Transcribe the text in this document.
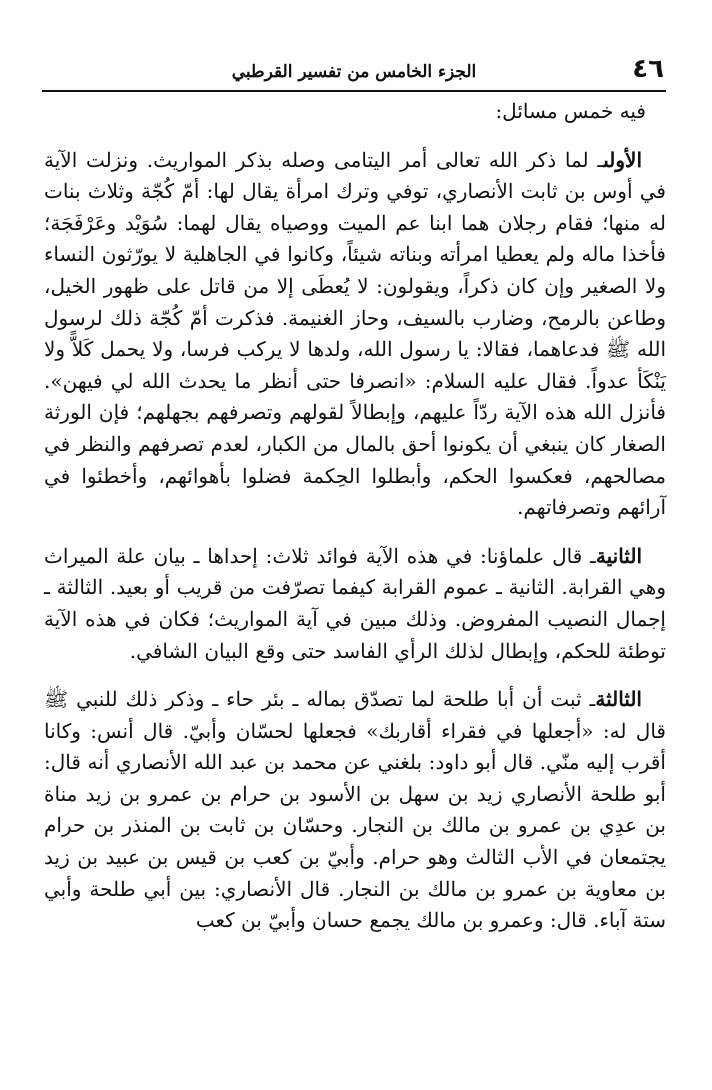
٤٦
الجزء الخامس من تفسير القرطبي

فيه خمس مسائل:

الأولىـ لما ذكر الله تعالى أمر اليتامى وصله بذكر المواريث. ونزلت الآية في أوس بن ثابت الأنصاري، توفي وترك امرأة يقال لها: أمّ كُجّة وثلاث بنات له منها؛ فقام رجلان هما ابنا عم الميت ووصياه يقال لهما: سُوَيْد وعَرْفَجَة؛ فأخذا ماله ولم يعطيا امرأته وبناته شيئاً، وكانوا في الجاهلية لا يورّثون النساء ولا الصغير وإن كان ذكراً، ويقولون: لا يُعطَى إلا من قاتل على ظهور الخيل، وطاعن بالرمح، وضارب بالسيف، وحاز الغنيمة. فذكرت أمّ كُجّة ذلك لرسول الله ﷺ فدعاهما، فقالا: يا رسول الله، ولدها لا يركب فرسا، ولا يحمل كَلاًّ ولا يَنْكَأ عدواً. فقال عليه السلام: «انصرفا حتى أنظر ما يحدث الله لي فيهن». فأنزل الله هذه الآية ردّاً عليهم، وإبطالاً لقولهم وتصرفهم بجهلهم؛ فإن الورثة الصغار كان ينبغي أن يكونوا أحق بالمال من الكبار، لعدم تصرفهم والنظر في مصالحهم، فعكسوا الحكم، وأبطلوا الحِكمة فضلوا بأهوائهم، وأخطئوا في آرائهم وتصرفاتهم.

الثانيةـ قال علماؤنا: في هذه الآية فوائد ثلاث: إحداها ـ بيان علة الميراث وهي القرابة. الثانية ـ عموم القرابة كيفما تصرّفت من قريب أو بعيد. الثالثة ـ إجمال النصيب المفروض. وذلك مبين في آية المواريث؛ فكان في هذه الآية توطئة للحكم، وإبطال لذلك الرأي الفاسد حتى وقع البيان الشافي.

الثالثةـ ثبت أن أبا طلحة لما تصدّق بماله ـ بئر حاء ـ وذكر ذلك للنبي ﷺ قال له: «أجعلها في فقراء أقاربك» فجعلها لحسّان وأبيّ. قال أنس: وكانا أقرب إليه منّي. قال أبو داود: بلغني عن محمد بن عبد الله الأنصاري أنه قال: أبو طلحة الأنصاري زيد بن سهل بن الأسود بن حرام بن عمرو بن زيد مناة بن عدِي بن عمرو بن مالك بن النجار. وحسّان بن ثابت بن المنذر بن حرام يجتمعان في الأب الثالث وهو حرام. وأبيّ بن كعب بن قيس بن عبيد بن زيد بن معاوية بن عمرو بن مالك بن النجار. قال الأنصاري: بين أبي طلحة وأبي ستة آباء. قال: وعمرو بن مالك يجمع حسان وأبيّ بن كعب
